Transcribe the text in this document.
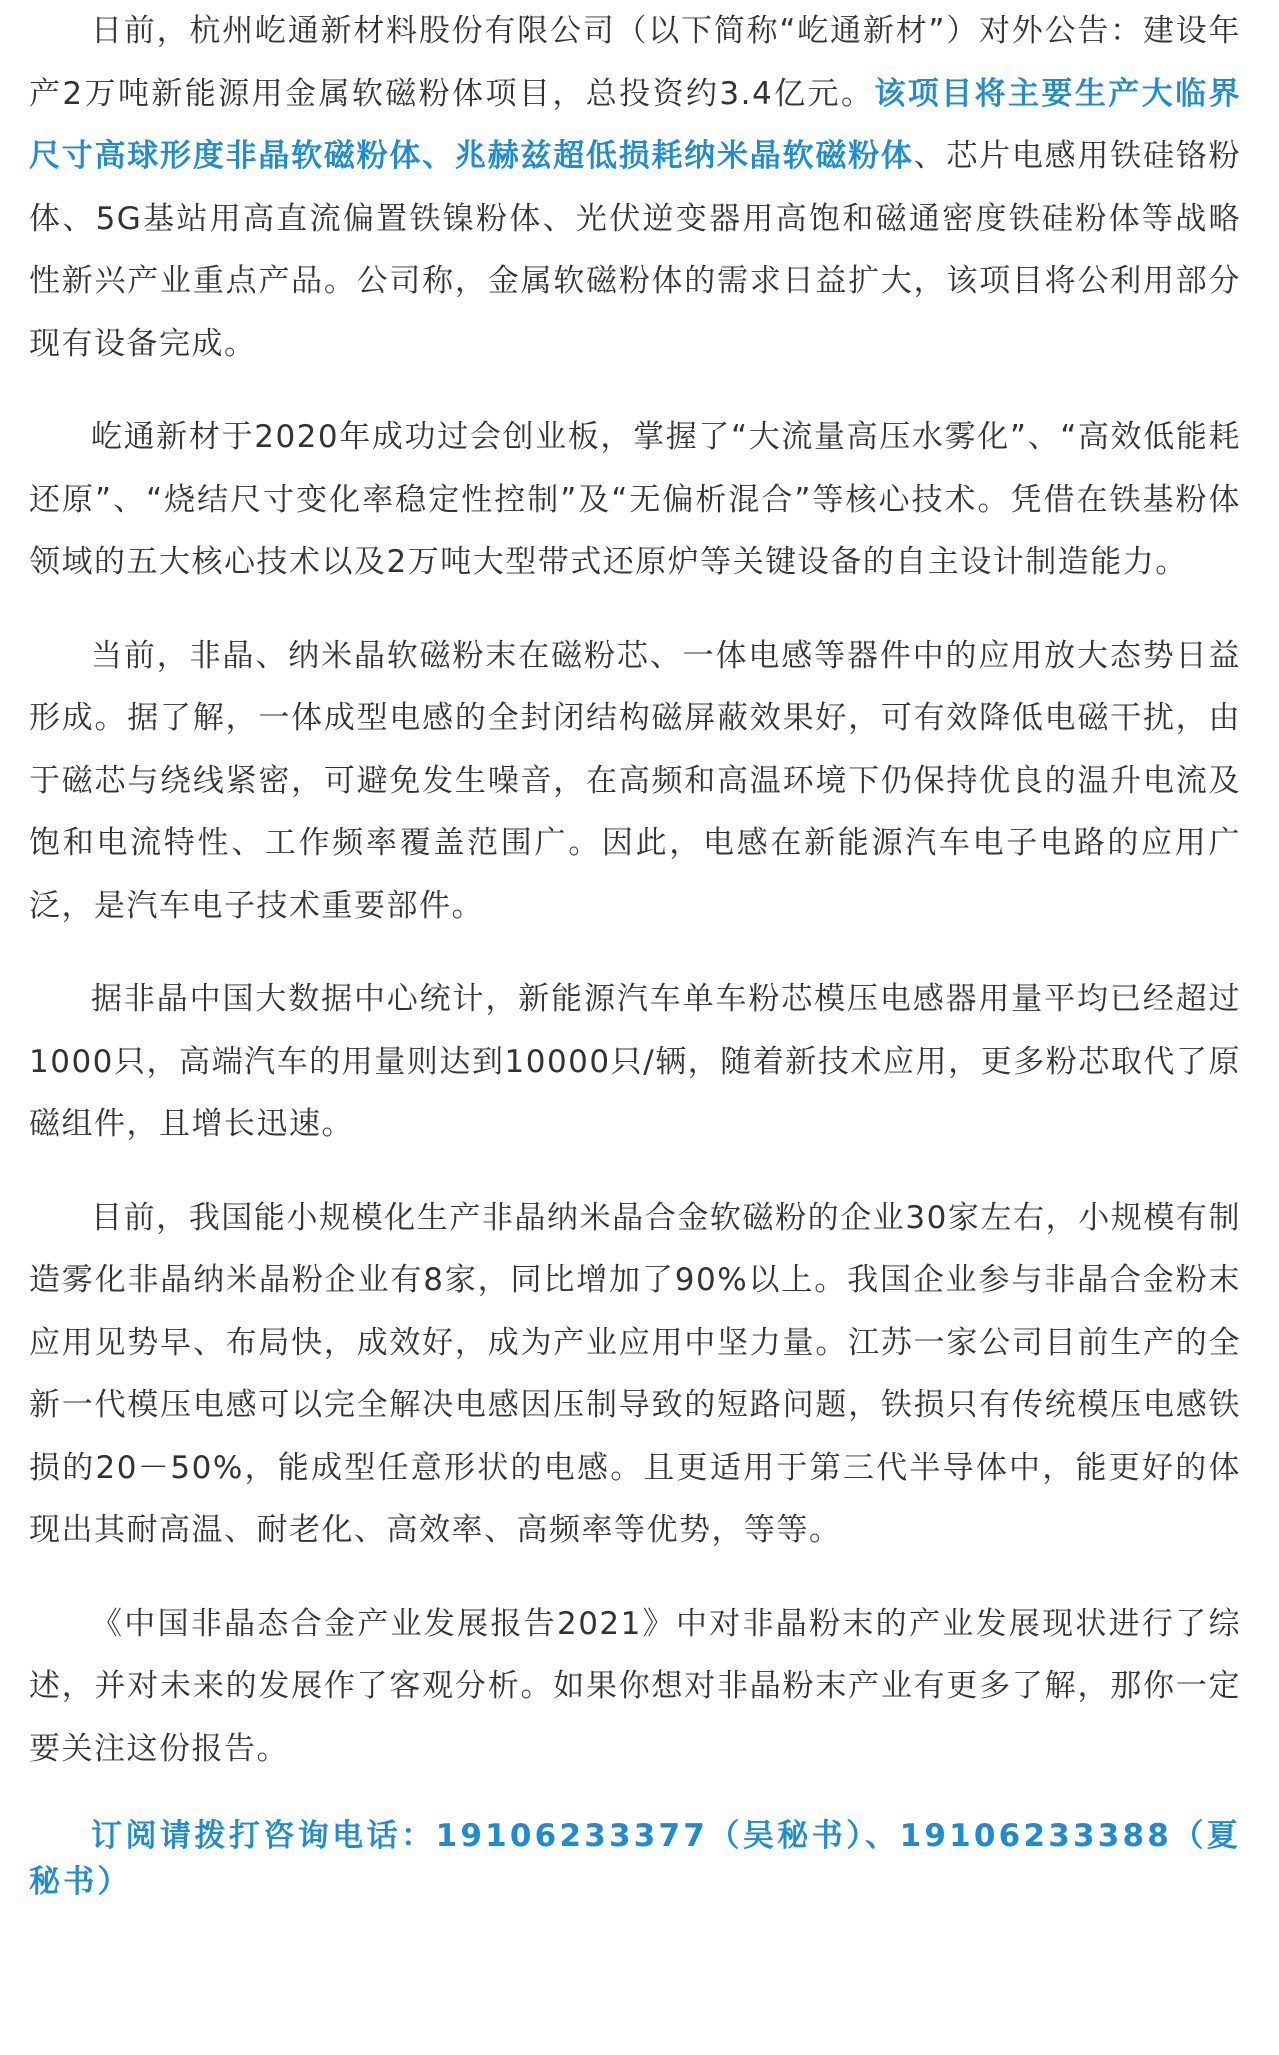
日前，杭州屹通新材料股份有限公司（以下简称“屹通新材”）对外公告：建设年产2万吨新能源用金属软磁粉体项目，总投资约3.4亿元。该项目将主要生产大临界尺寸高球形度非晶软磁粉体、兆赫兹超低损耗纳米晶软磁粉体、芯片电感用铁硅铬粉体、5G基站用高直流偏置铁镍粉体、光伏逆变器用高饱和磁通密度铁硅粉体等战略性新兴产业重点产品。公司称，金属软磁粉体的需求日益扩大，该项目将公利用部分现有设备完成。

屹通新材于2020年成功过会创业板，掌握了“大流量高压水雾化”、“高效低能耗还原”、“烧结尺寸变化率稳定性控制”及“无偏析混合”等核心技术。凭借在铁基粉体领域的五大核心技术以及2万吨大型带式还原炉等关键设备的自主设计制造能力。

当前，非晶、纳米晶软磁粉末在磁粉芯、一体电感等器件中的应用放大态势日益形成。据了解，一体成型电感的全封闭结构磁屏蔽效果好，可有效降低电磁干扰，由于磁芯与绕线紧密，可避免发生噪音，在高频和高温环境下仍保持优良的温升电流及饱和电流特性、工作频率覆盖范围广。因此，电感在新能源汽车电子电路的应用广泛，是汽车电子技术重要部件。

据非晶中国大数据中心统计，新能源汽车单车粉芯模压电感器用量平均已经超过1000只，高端汽车的用量则达到10000只/辆，随着新技术应用，更多粉芯取代了原磁组件，且增长迅速。

目前，我国能小规模化生产非晶纳米晶合金软磁粉的企业30家左右，小规模有制造雾化非晶纳米晶粉企业有8家，同比增加了90%以上。我国企业参与非晶合金粉末应用见势早、布局快，成效好，成为产业应用中坚力量。江苏一家公司目前生产的全新一代模压电感可以完全解决电感因压制导致的短路问题，铁损只有传统模压电感铁损的20－50%，能成型任意形状的电感。且更适用于第三代半导体中，能更好的体现出其耐高温、耐老化、高效率、高频率等优势，等等。

《中国非晶态合金产业发展报告2021》中对非晶粉末的产业发展现状进行了综述，并对未来的发展作了客观分析。如果你想对非晶粉末产业有更多了解，那你一定要关注这份报告。

订阅请拨打咨询电话：19106233377（吴秘书）、19106233388（夏秘书）
